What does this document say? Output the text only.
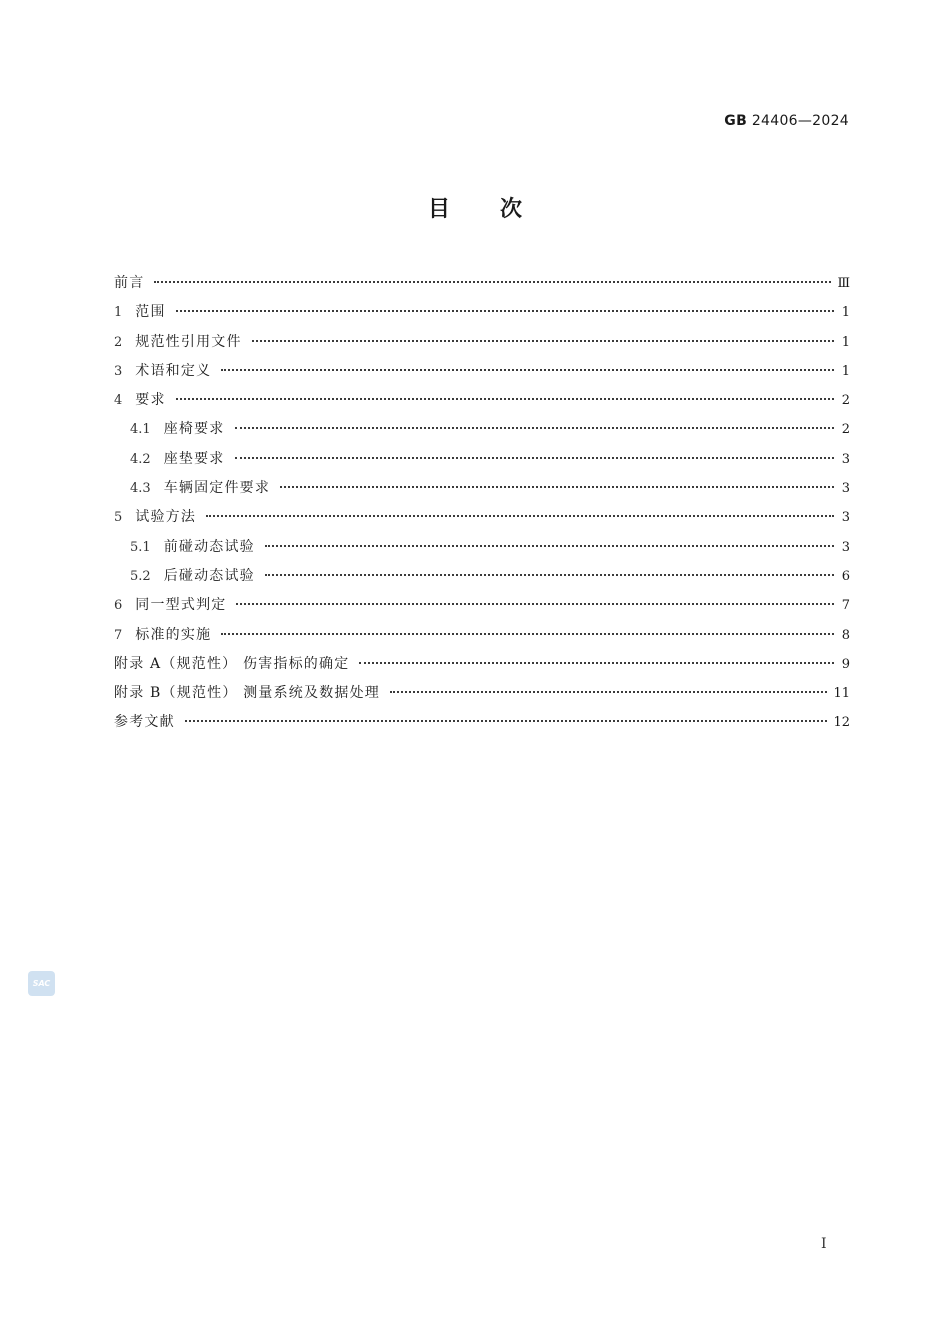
GB 24406—2024
目次
前言	Ⅲ
1 范围	1
2 规范性引用文件	1
3 术语和定义	1
4 要求	2
4.1 座椅要求	2
4.2 座垫要求	3
4.3 车辆固定件要求	3
5 试验方法	3
5.1 前碰动态试验	3
5.2 后碰动态试验	6
6 同一型式判定	7
7 标准的实施	8
附录 A（规范性） 伤害指标的确定	9
附录 B（规范性） 测量系统及数据处理	11
参考文献	12
SAC
I
